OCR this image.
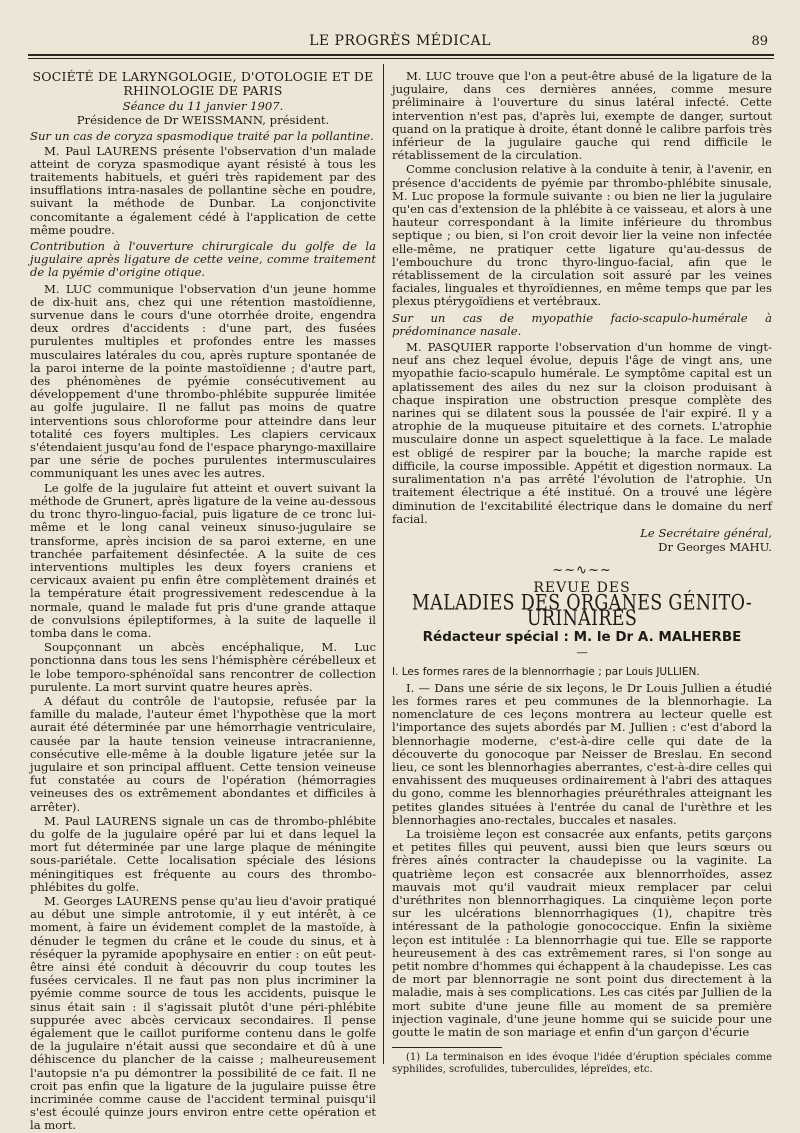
LE PROGRÈS MÉDICAL	89

SOCIÉTÉ DE LARYNGOLOGIE, D'OTOLOGIE ET DE RHINOLOGIE DE PARIS

Séance du 11 janvier 1907.

Présidence de Dr WEISSMANN, président.

Sur un cas de coryza spasmodique traité par la pollantine.

M. Paul LAURENS présente l'observation d'un malade atteint de coryza spasmodique ayant résisté à tous les traitements habituels, et guéri très rapidement par des insufflations intra-nasales de pollantine sèche en poudre, suivant la méthode de Dunbar. La conjonctivite concomitante a également cédé à l'application de cette même poudre.

Contribution à l'ouverture chirurgicale du golfe de la jugulaire après ligature de cette veine, comme traitement de la pyémie d'origine otique.

M. LUC communique l'observation d'un jeune homme de dix-huit ans, chez qui une rétention mastoïdienne, survenue dans le cours d'une otorrhée droite, engendra deux ordres d'accidents : d'une part, des fusées purulentes multiples et profondes entre les masses musculaires latérales du cou, après rupture spontanée de la paroi interne de la pointe mastoïdienne ; d'autre part, des phénomènes de pyémie consécutivement au développement d'une thrombo-phlébite suppurée limitée au golfe jugulaire. Il ne fallut pas moins de quatre interventions sous chloroforme pour atteindre dans leur totalité ces foyers multiples. Les clapiers cervicaux s'étendaient jusqu'au fond de l'espace pharyngo-maxillaire par une série de poches purulentes intermusculaires communiquant les unes avec les autres.

Le golfe de la jugulaire fut atteint et ouvert suivant la méthode de Grunert, après ligature de la veine au-dessous du tronc thyro-linguo-facial, puis ligature de ce tronc lui-même et le long canal veineux sinuso-jugulaire se transforme, après incision de sa paroi externe, en une tranchée parfaitement désinfectée. A la suite de ces interventions multiples les deux foyers craniens et cervicaux avaient pu enfin être complètement drainés et la température était progressivement redescendue à la normale, quand le malade fut pris d'une grande attaque de convulsions épileptiformes, à la suite de laquelle il tomba dans le coma.

Soupçonnant un abcès encéphalique, M. Luc ponctionna dans tous les sens l'hémisphère cérébelleux et le lobe temporo-sphénoïdal sans rencontrer de collection purulente. La mort survint quatre heures après.

A défaut du contrôle de l'autopsie, refusée par la famille du malade, l'auteur émet l'hypothèse que la mort aurait été déterminée par une hémorrhagie ventriculaire, causée par la haute tension veineuse intracranienne, consécutive elle-même à la double ligature jetée sur la jugulaire et son principal affluent. Cette tension veineuse fut constatée au cours de l'opération (hémorragies veineuses des os extrêmement abondantes et difficiles à arrêter).

M. Paul LAURENS signale un cas de thrombo-phlébite du golfe de la jugulaire opéré par lui et dans lequel la mort fut déterminée par une large plaque de méningite sous-pariétale. Cette localisation spéciale des lésions méningitiques est fréquente au cours des thrombo-phlébites du golfe.

M. Georges LAURENS pense qu'au lieu d'avoir pratiqué au début une simple antrotomie, il y eut intérêt, à ce moment, à faire un évidement complet de la mastoïde, à dénuder le tegmen du crâne et le coude du sinus, et à réséquer la pyramide apophysaire en entier : on eût peut-être ainsi été conduit à découvrir du coup toutes les fusées cervicales. Il ne faut pas non plus incriminer la pyémie comme source de tous les accidents, puisque le sinus était sain : il s'agissait plutôt d'une péri-phlébite suppurée avec abcès cervicaux secondaires. Il pense également que le caillot puriforme contenu dans le golfe de la jugulaire n'était aussi que secondaire et dû à une déhiscence du plancher de la caisse ; malheureusement l'autopsie n'a pu démontrer la possibilité de ce fait. Il ne croit pas enfin que la ligature de la jugulaire puisse être incriminée comme cause de l'accident terminal puisqu'il s'est écoulé quinze jours environ entre cette opération et la mort.

M. LUC trouve que l'on a peut-être abusé de la ligature de la jugulaire, dans ces dernières années, comme mesure préliminaire à l'ouverture du sinus latéral infecté. Cette intervention n'est pas, d'après lui, exempte de danger, surtout quand on la pratique à droite, étant donné le calibre parfois très inférieur de la jugulaire gauche qui rend difficile le rétablissement de la circulation.

Comme conclusion relative à la conduite à tenir, à l'avenir, en présence d'accidents de pyémie par thrombo-phlébite sinusale, M. Luc propose la formule suivante : ou bien ne lier la jugulaire qu'en cas d'extension de la phlébite à ce vaisseau, et alors à une hauteur correspondant à la limite inférieure du thrombus septique ; ou bien, si l'on croit devoir lier la veine non infectée elle-même, ne pratiquer cette ligature qu'au-dessus de l'embouchure du tronc thyro-linguo-facial, afin que le rétablissement de la circulation soit assuré par les veines faciales, linguales et thyroïdiennes, en même temps que par les plexus ptérygoïdiens et vertébraux.

Sur un cas de myopathie facio-scapulo-humérale à prédominance nasale.

M. PASQUIER rapporte l'observation d'un homme de vingt-neuf ans chez lequel évolue, depuis l'âge de vingt ans, une myopathie facio-scapulo humérale. Le symptôme capital est un aplatissement des ailes du nez sur la cloison produisant à chaque inspiration une obstruction presque complète des narines qui se dilatent sous la poussée de l'air expiré. Il y a atrophie de la muqueuse pituitaire et des cornets. L'atrophie musculaire donne un aspect squelettique à la face. Le malade est obligé de respirer par la bouche; la marche rapide est difficile, la course impossible. Appétit et digestion normaux. La suralimentation n'a pas arrêté l'évolution de l'atrophie. Un traitement électrique a été institué. On a trouvé une légère diminution de l'excitabilité électrique dans le domaine du nerf facial.

Le Secrétaire général,

Dr Georges MAHU.

~~∿~~
REVUE DES
MALADIES DES ORGANES GÉNITO-URINAIRES
Rédacteur spécial : M. le Dr A. MALHERBE
—

I. Les formes rares de la blennorrhagie ; par Louis JULLIEN.

I. — Dans une série de six leçons, le Dr Louis Jullien a étudié les formes rares et peu communes de la blennorhagie. La nomenclature de ces leçons montrera au lecteur quelle est l'importance des sujets abordés par M. Jullien : c'est d'abord la blennorhagie moderne, c'est-à-dire celle qui date de la découverte du gonocoque par Neisser de Breslau. En second lieu, ce sont les blennorhagies aberrantes, c'est-à-dire celles qui envahissent des muqueuses ordinairement à l'abri des attaques du gono, comme les blennorhagies préuréthrales atteignant les petites glandes situées à l'entrée du canal de l'urèthre et les blennorhagies ano-rectales, buccales et nasales.

La troisième leçon est consacrée aux enfants, petits garçons et petites filles qui peuvent, aussi bien que leurs sœurs ou frères aînés contracter la chaudepisse ou la vaginite. La quatrième leçon est consacrée aux blennorrhoïdes, assez mauvais mot qu'il vaudrait mieux remplacer par celui d'uréthrites non blennorrhagiques. La cinquième leçon porte sur les ulcérations blennorrhagiques (1), chapitre très intéressant de la pathologie gonococcique. Enfin la sixième leçon est intitulée : La blennorrhagie qui tue. Elle se rapporte heureusement à des cas extrêmement rares, si l'on songe au petit nombre d'hommes qui échappent à la chaudepisse. Les cas de mort par blennorragie ne sont point dus directement à la maladie, mais à ses complications. Les cas cités par Jullien de la mort subite d'une jeune fille au moment de sa première injection vaginale, d'une jeune homme qui se suicide pour une goutte le matin de son mariage et enfin d'un garçon d'écurie

(1) La terminaison en ides évoque l'idée d'éruption spéciales comme syphilides, scrofulides, tuberculides, lépreïdes, etc.
